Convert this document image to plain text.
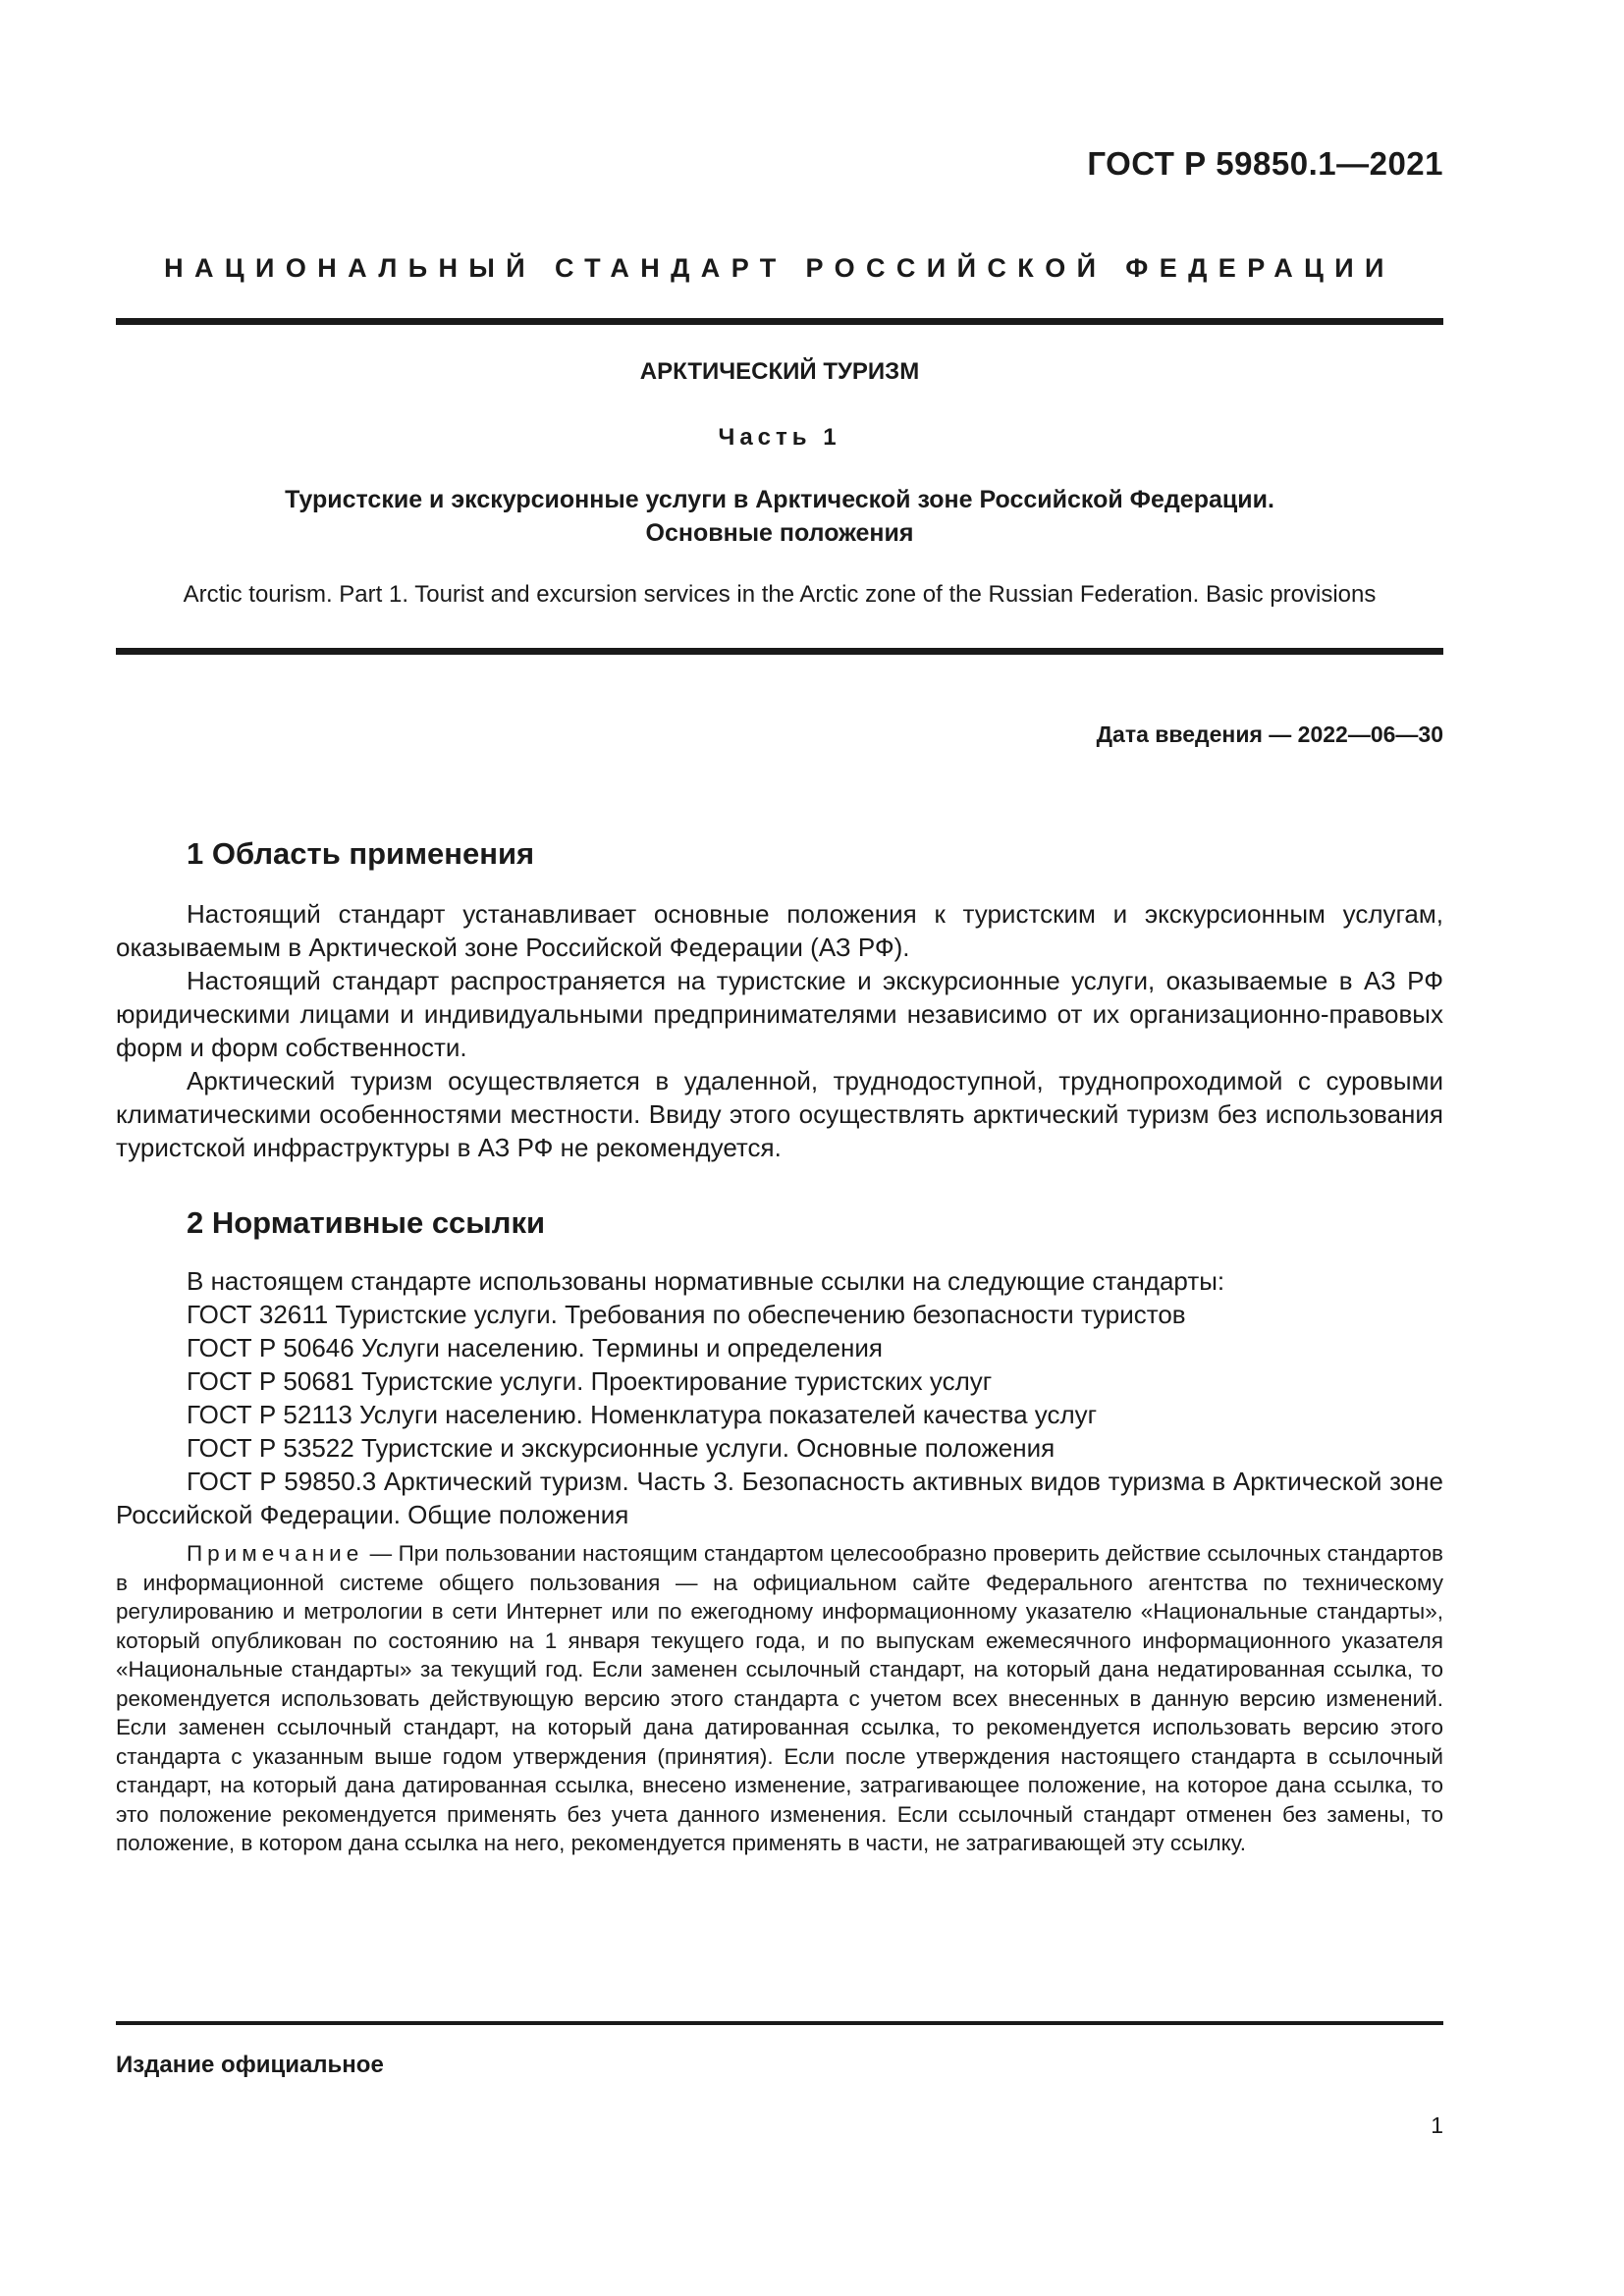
ГОСТ Р 59850.1—2021
НАЦИОНАЛЬНЫЙ СТАНДАРТ РОССИЙСКОЙ ФЕДЕРАЦИИ
АРКТИЧЕСКИЙ ТУРИЗМ
Часть 1
Туристские и экскурсионные услуги в Арктической зоне Российской Федерации.
Основные положения
Arctic tourism. Part 1. Tourist and excursion services in the Arctic zone of the Russian Federation. Basic provisions
Дата введения — 2022—06—30
1 Область применения

Настоящий стандарт устанавливает основные положения к туристским и экскурсионным услугам, оказываемым в Арктической зоне Российской Федерации (АЗ РФ).

Настоящий стандарт распространяется на туристские и экскурсионные услуги, оказываемые в АЗ РФ юридическими лицами и индивидуальными предпринимателями независимо от их организационно-правовых форм и форм собственности.

Арктический туризм осуществляется в удаленной, труднодоступной, труднопроходимой с суровыми климатическими особенностями местности. Ввиду этого осуществлять арктический туризм без использования туристской инфраструктуры в АЗ РФ не рекомендуется.

2 Нормативные ссылки

В настоящем стандарте использованы нормативные ссылки на следующие стандарты:

ГОСТ 32611 Туристские услуги. Требования по обеспечению безопасности туристов

ГОСТ Р 50646 Услуги населению. Термины и определения

ГОСТ Р 50681 Туристские услуги. Проектирование туристских услуг

ГОСТ Р 52113 Услуги населению. Номенклатура показателей качества услуг

ГОСТ Р 53522 Туристские и экскурсионные услуги. Основные положения

ГОСТ Р 59850.3 Арктический туризм. Часть 3. Безопасность активных видов туризма в Арктической зоне Российской Федерации. Общие положения

Примечание — При пользовании настоящим стандартом целесообразно проверить действие ссылочных стандартов в информационной системе общего пользования — на официальном сайте Федерального агентства по техническому регулированию и метрологии в сети Интернет или по ежегодному информационному указателю «Национальные стандарты», который опубликован по состоянию на 1 января текущего года, и по выпускам ежемесячного информационного указателя «Национальные стандарты» за текущий год. Если заменен ссылочный стандарт, на который дана недатированная ссылка, то рекомендуется использовать действующую версию этого стандарта с учетом всех внесенных в данную версию изменений. Если заменен ссылочный стандарт, на который дана датированная ссылка, то рекомендуется использовать версию этого стандарта с указанным выше годом утверждения (принятия). Если после утверждения настоящего стандарта в ссылочный стандарт, на который дана датированная ссылка, внесено изменение, затрагивающее положение, на которое дана ссылка, то это положение рекомендуется применять без учета данного изменения. Если ссылочный стандарт отменен без замены, то положение, в котором дана ссылка на него, рекомендуется применять в части, не затрагивающей эту ссылку.

Издание официальное
1
